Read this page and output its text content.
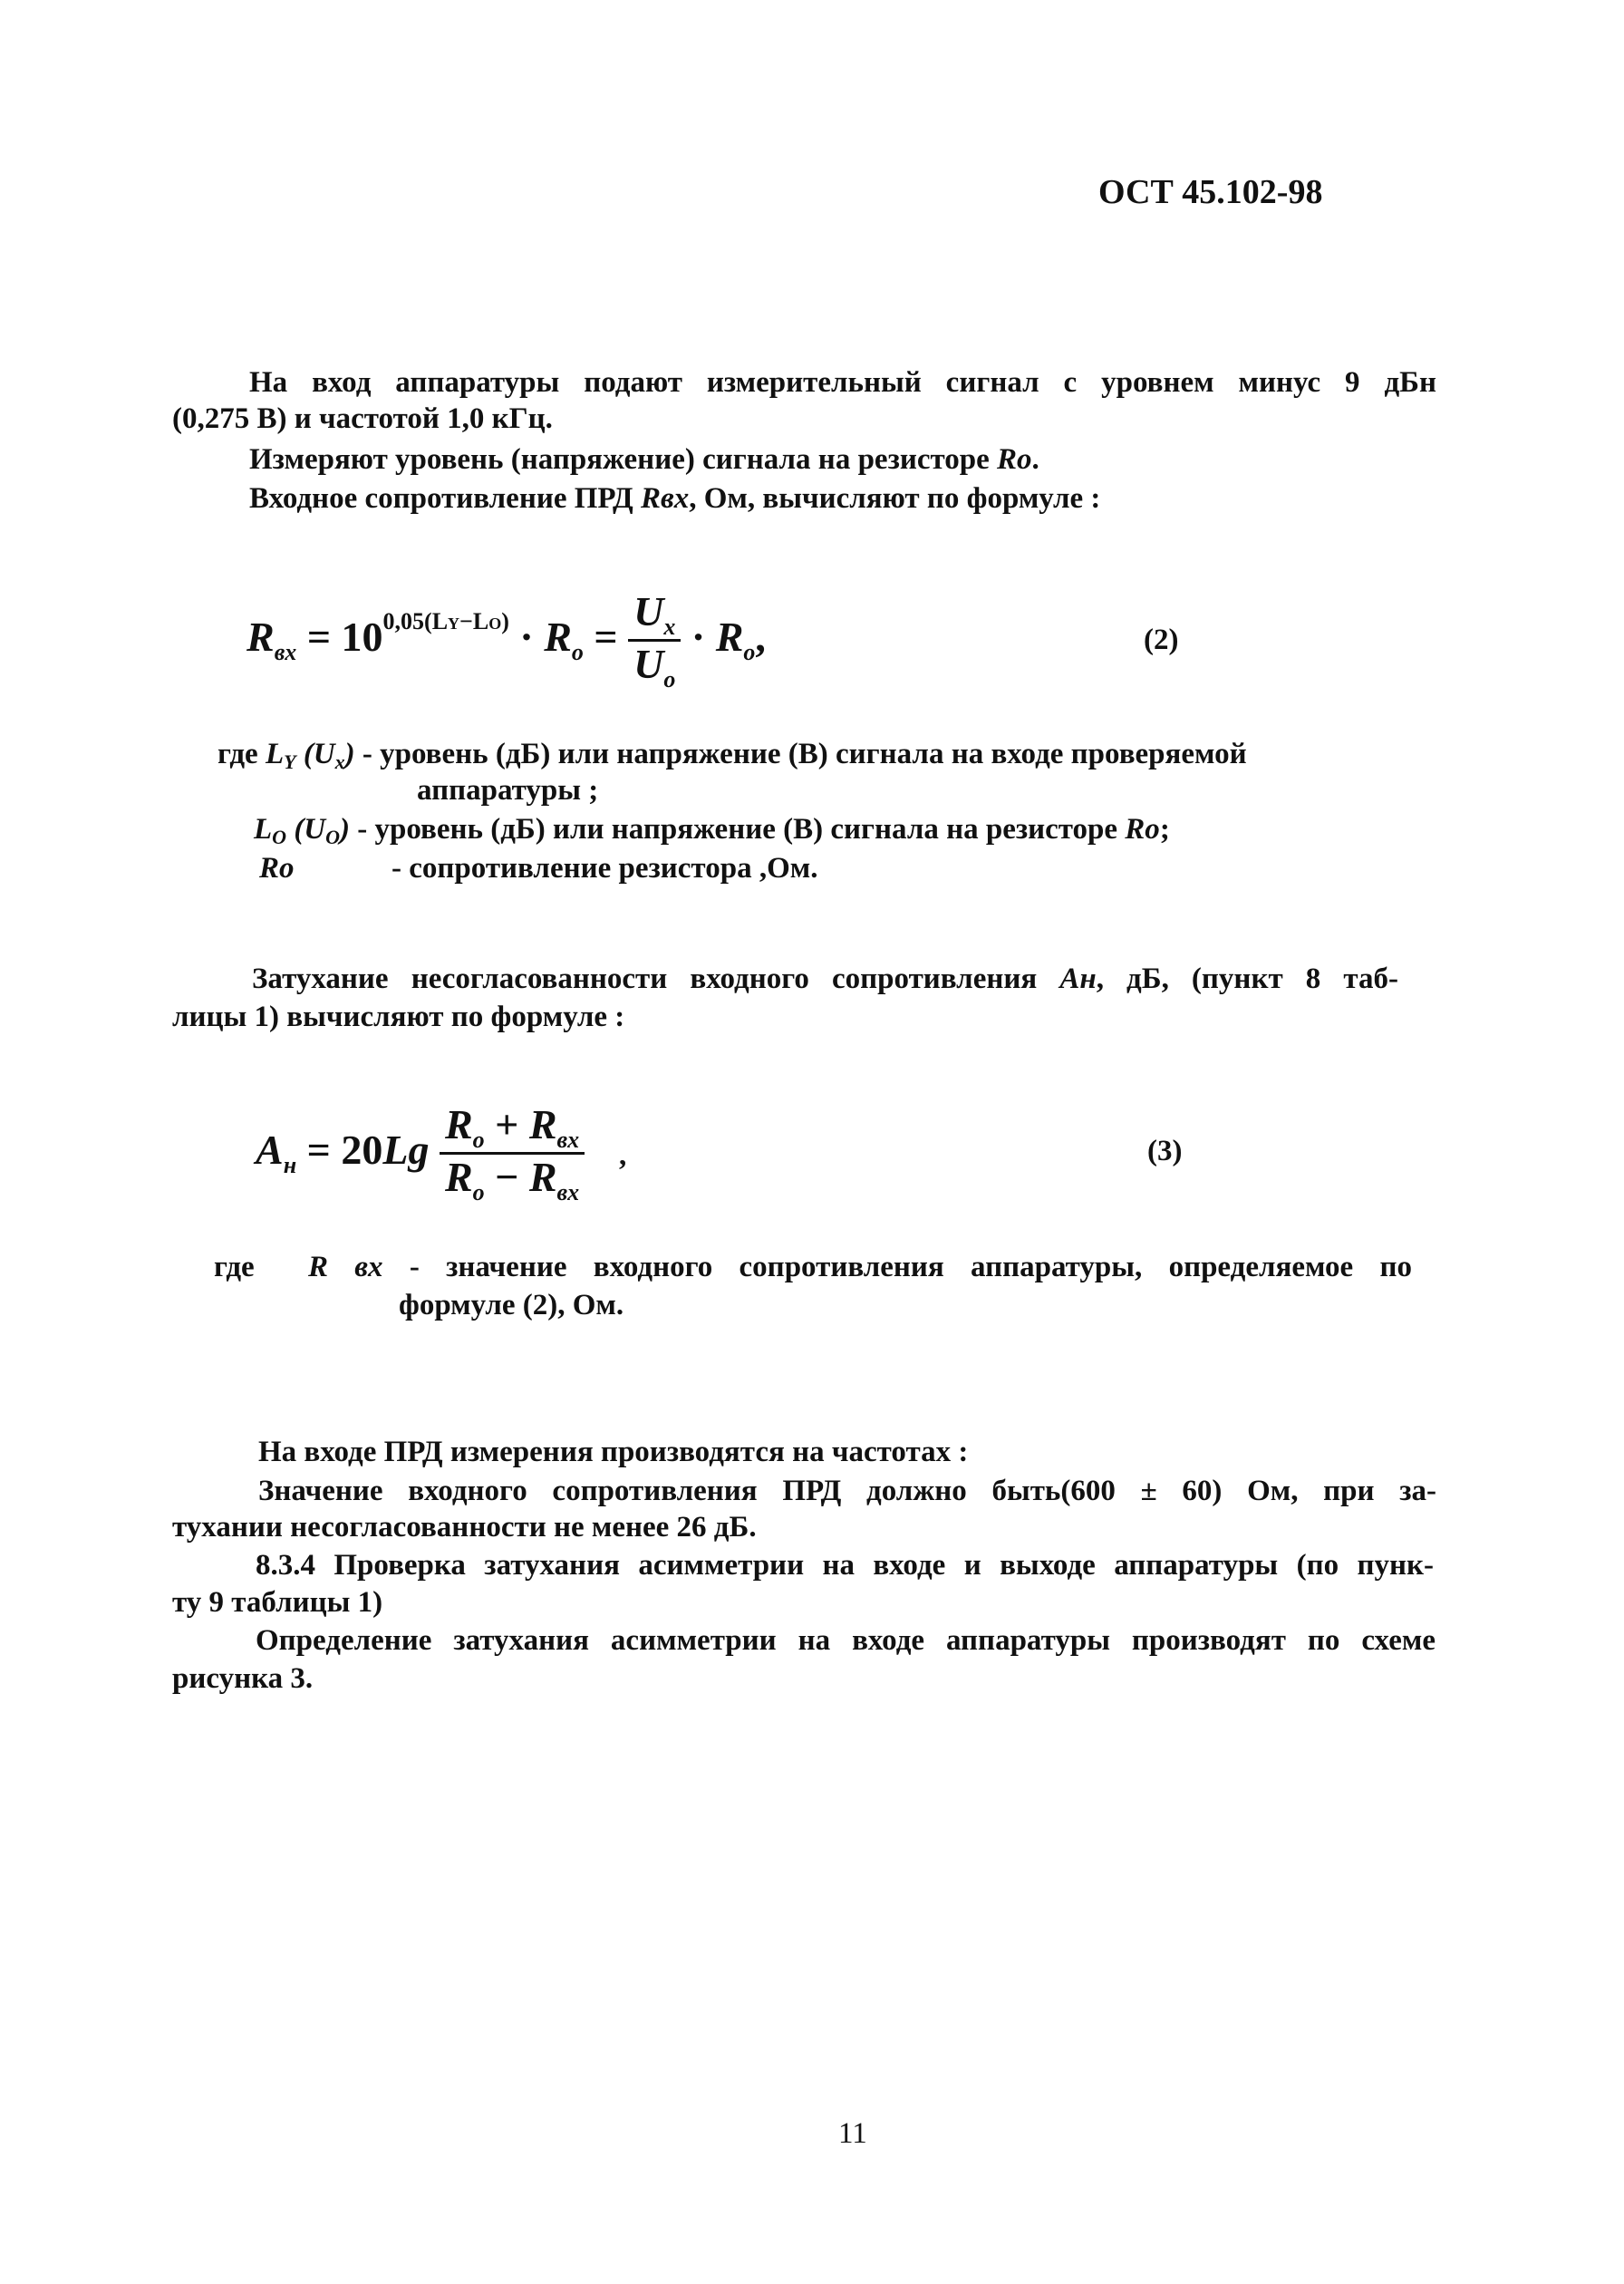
ОСТ 45.102-98
На вход аппаратуры подают измерительный сигнал с уровнем минус 9 дБн
(0,275 В) и частотой 1,0 кГц.
Измеряют уровень (напряжение) сигнала на резисторе Ro.
Входное сопротивление ПРД Rвх, Ом, вычисляют по формуле :
$R_{вх} = 10^{0,05(LY-LO)} \cdot R_o = \frac{U_x}{U_o} \cdot R_o$,	(2)
где LY (Ux) - уровень (дБ) или напряжение (В) сигнала на входе проверяемой
аппаратуры ;
LO (UO) - уровень (дБ) или напряжение (В) сигнала на резисторе Ro;
Ro	- сопротивление резистора ,Ом.
Затухание несогласованности входного сопротивления Ан, дБ, (пункт 8 таб-
лицы 1) вычисляют по формуле :
$A_н = 20Lg \frac{R_o + R_{вх}}{R_o - R_{вх}}$ ,	(3)
где R вх - значение входного сопротивления аппаратуры, определяемое по
формуле (2), Ом.
На входе ПРД измерения производятся на частотах :
Значение входного сопротивления ПРД должно быть(600 ± 60) Ом, при за-
тухании несогласованности не менее 26 дБ.
8.3.4 Проверка затухания асимметрии на входе и выходе аппаратуры (по пунк-
ту 9 таблицы 1)
Определение затухания асимметрии на входе аппаратуры производят по схеме
рисунка 3.
11
